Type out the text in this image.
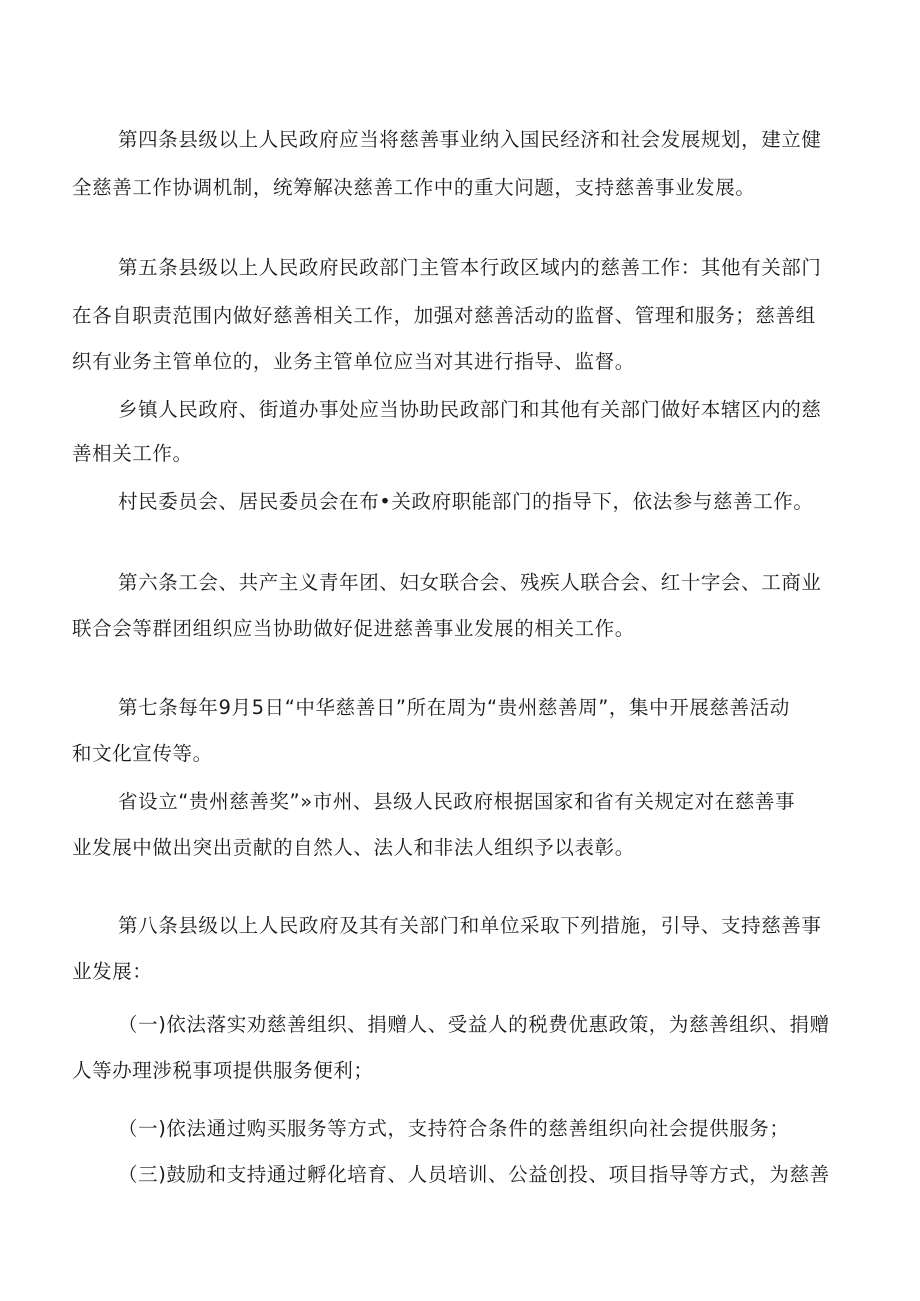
第四条县级以上人民政府应当将慈善事业纳入国民经济和社会发展规划，建立健
全慈善工作协调机制，统筹解决慈善工作中的重大问题，支持慈善事业发展。
第五条县级以上人民政府民政部门主管本行政区域内的慈善工作：其他有关部门
在各自职责范围内做好慈善相关工作，加强对慈善活动的监督、管理和服务；慈善组
织有业务主管单位的，业务主管单位应当对其进行指导、监督。
乡镇人民政府、街道办事处应当协助民政部门和其他有关部门做好本辖区内的慈
善相关工作。
村民委员会、居民委员会在布•关政府职能部门的指导下，依法参与慈善工作。
第六条工会、共产主义青年团、妇女联合会、残疾人联合会、红十字会、工商业
联合会等群团组织应当协助做好促进慈善事业发展的相关工作。
第七条每年9月5日“中华慈善日”所在周为“贵州慈善周”，集中开展慈善活动
和文化宣传等。
省设立“贵州慈善奖”»市州、县级人民政府根据国家和省有关规定对在慈善事
业发展中做出突出贡献的自然人、法人和非法人组织予以表彰。
第八条县级以上人民政府及其有关部门和单位采取下列措施，引导、支持慈善事
业发展：
（一)依法落实劝慈善组织、捐赠人、受益人的税费优惠政策，为慈善组织、捐赠
人等办理涉税事项提供服务便利；
（一)依法通过购买服务等方式，支持符合条件的慈善组织向社会提供服务；
（三)鼓励和支持通过孵化培育、人员培训、公益创投、项目指导等方式，为慈善
